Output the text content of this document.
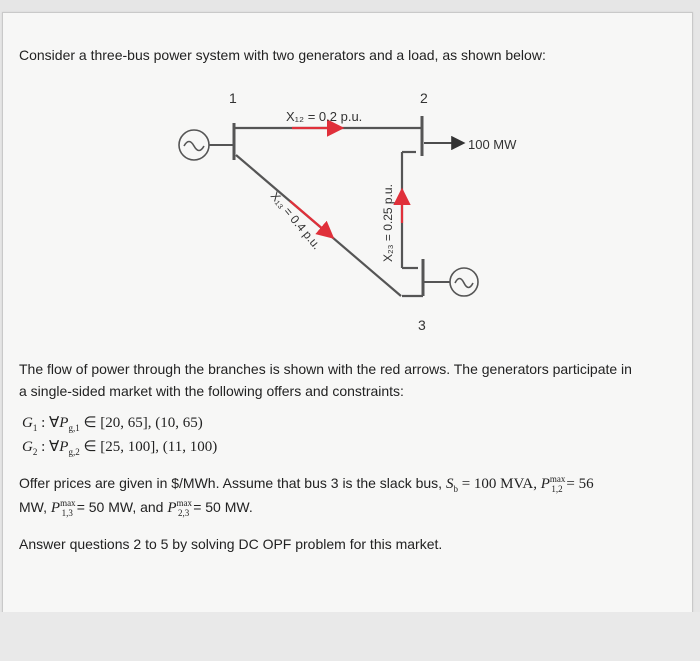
Consider a three-bus power system with two generators and a load, as shown below:
1
X₁₂ = 0.2 p.u.
2
100 MW
X₁₃ = 0.4 p.u.	X₂₃ = 0.25 p.u.
3
The flow of power through the branches is shown with the red arrows. The generators participate in
a single-sided market with the following offers and constraints:
$G_1$ : $\forall P_{g,1}$ ∈ [20, 65], (10, 65)
$G_2$ : $\forall P_{g,2}$ ∈ [25, 100], (11, 100)
Offer prices are given in $/MWh. Assume that bus 3 is the slack bus, $S_b = 100$ MVA, $P^{max}_{1,2} = 56$
MW, $P^{max}_{1,3} = 50$ MW, and $P^{max}_{2,3} = 50$ MW.
Answer questions 2 to 5 by solving DC OPF problem for this market.
